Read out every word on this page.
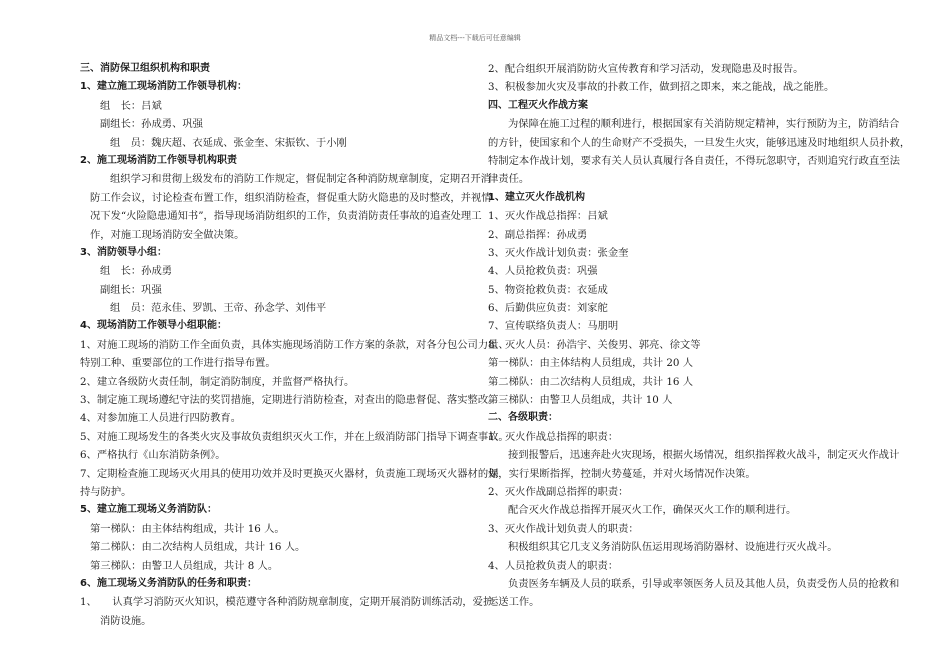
精品文档---下载后可任意编辑
三、消防保卫组织机构和职责
1、建立施工现场消防工作领导机构：
组　长：吕斌
副组长：孙成勇、巩强
组　员：魏庆超、衣延成、张金奎、宋振钦、于小刚
2、施工现场消防工作领导机构职责
组织学习和贯彻上级发布的消防工作规定，督促制定各种消防规章制度，定期召开消
防工作会议，讨论检查布置工作，组织消防检查，督促重大防火隐患的及时整改，并视情
况下发“火险隐患通知书”，指导现场消防组织的工作，负责消防责任事故的追查处理工
作，对施工现场消防安全做决策。
3、消防领导小组：
组　长：孙成勇
副组长：巩强
组　员：范永佳、罗凯、王帝、孙念学、刘伟平
4、现场消防工作领导小组职能：
1、对施工现场的消防工作全面负责，具体实施现场消防工作方案的条款，对各分包公司力量、
特别工种、重要部位的工作进行指导布置。
2、建立各级防火责任制，制定消防制度，并监督严格执行。
3、制定施工现场遵纪守法的奖罚措施，定期进行消防检查，对查出的隐患督促、落实整改。
4、对参加施工人员进行四防教育。
5、对施工现场发生的各类火灾及事故负责组织灭火工作，并在上级消防部门指导下调查事故。
6、严格执行《山东消防条例》。
7、定期检查施工现场灭火用具的使用功效并及时更换灭火器材，负责施工现场灭火器材的保
持与防护。
5、建立施工现场义务消防队：
第一梯队：由主体结构组成，共计 16 人。
第二梯队：由二次结构人员组成，共计 16 人。
第三梯队：由警卫人员组成，共计 8 人。
6、施工现场义务消防队的任务和职责：
1、　　认真学习消防灭火知识，模范遵守各种消防规章制度，定期开展消防训练活动，爱护
消防设施。
2、配合组织开展消防防火宣传教育和学习活动，发现隐患及时报告。
3、积极参加火灾及事故的扑救工作，做到招之即来，来之能战，战之能胜。
四、工程灭火作战方案
为保障在施工过程的顺利进行，根据国家有关消防规定精神，实行预防为主，防消结合
的方针，使国家和个人的生命财产不受损失，一旦发生火灾，能够迅速及时地组织人员扑救，
特制定本作战计划，要求有关人员认真履行各自责任，不得玩忽职守，否则追究行政直至法
律责任。
1、建立灭火作战机构
1、灭火作战总指挥：吕斌
2、副总指挥：孙成勇
3、灭火作战计划负责：张金奎
4、人员抢救负责：巩强
5、物资抢救负责：衣延成
6、后勤供应负责：刘家舵
7、宣传联络负责人：马朋明
8、灭火人员：孙浩宇、关俊男、郭亮、徐文等
第一梯队：由主体结构人员组成，共计 20 人
第二梯队：由二次结构人员组成，共计 16 人
第三梯队：由警卫人员组成，共计 10 人
二、各级职责：
1、灭火作战总指挥的职责：
接到报警后，迅速奔赴火灾现场，根据火场情况，组织指挥救火战斗，制定灭火作战计
划，实行果断指挥，控制火势蔓延，并对火场情况作决策。
2、灭火作战副总指挥的职责：
配合灭火作战总指挥开展灭火工作，确保灭火工作的顺利进行。
3、灭火作战计划负责人的职责：
积极组织其它几支义务消防队伍运用现场消防器材、设施进行灭火战斗。
4、人员抢救负责人的职责：
负责医务车辆及人员的联系，引导或率领医务人员及其他人员，负责受伤人员的抢救和
运送工作。
